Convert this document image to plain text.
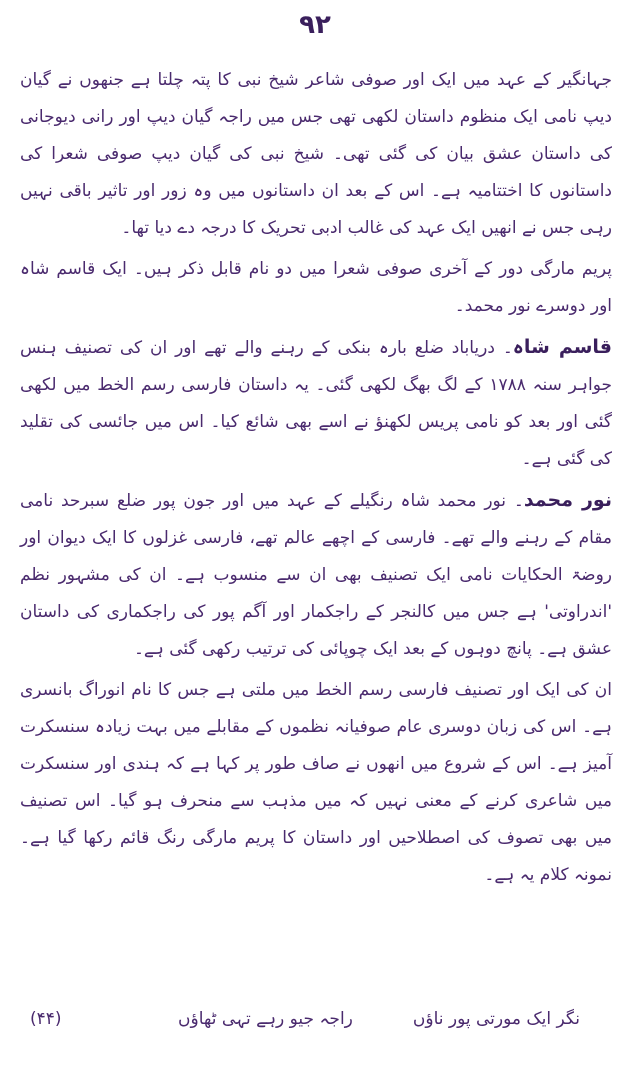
۹۲

جہانگیر کے عہد میں ایک اور صوفی شاعر شیخ نبی کا پتہ چلتا ہے جنھوں نے گیان دیپ نامی ایک منظوم داستان لکھی تھی جس میں راجہ گیان دیپ اور رانی دیوجانی کی داستان عشق بیان کی گئی تھی۔ شیخ نبی کی گیان دیپ صوفی شعرا کی داستانوں کا اختتامیہ ہے۔ اس کے بعد ان داستانوں میں وہ زور اور تاثیر باقی نہیں رہی جس نے انھیں ایک عہد کی غالب ادبی تحریک کا درجہ دے دیا تھا۔

پریم مارگی دور کے آخری صوفی شعرا میں دو نام قابل ذکر ہیں۔ ایک قاسم شاہ اور دوسرے نور محمد۔

قاسم شاہ۔ دریاباد ضلع بارہ بنکی کے رہنے والے تھے اور ان کی تصنیف ہنس جواہر سنہ ۱۷۸۸ کے لگ بھگ لکھی گئی۔ یہ داستان فارسی رسم الخط میں لکھی گئی اور بعد کو نامی پریس لکھنؤ نے اسے بھی شائع کیا۔ اس میں جائسی کی تقلید کی گئی ہے۔

نور محمد۔ نور محمد شاہ رنگیلے کے عہد میں اور جون پور ضلع سبرحد نامی مقام کے رہنے والے تھے۔ فارسی کے اچھے عالم تھے، فارسی غزلوں کا ایک دیوان اور روضۃ الحکایات نامی ایک تصنیف بھی ان سے منسوب ہے۔ ان کی مشہور نظم 'اندراوتی' ہے جس میں کالنجر کے راجکمار اور آگم پور کی راجکماری کی داستان عشق ہے۔ پانچ دوہوں کے بعد ایک چوپائی کی ترتیب رکھی گئی ہے۔

ان کی ایک اور تصنیف فارسی رسم الخط میں ملتی ہے جس کا نام انوراگ بانسری ہے۔ اس کی زبان دوسری عام صوفیانہ نظموں کے مقابلے میں بہت زیادہ سنسکرت آمیز ہے۔ اس کے شروع میں انھوں نے صاف طور پر کہا ہے کہ ہندی اور سنسکرت میں شاعری کرنے کے معنی نہیں کہ میں مذہب سے منحرف ہو گیا۔ اس تصنیف میں بھی تصوف کی اصطلاحیں اور داستان کا پریم مارگی رنگ قائم رکھا گیا ہے۔ نمونہ کلام یہ ہے۔

نگر ایک مورتی پور ناؤں
راجہ جیو رہے تہی ٹھاؤں
(۴۴)
